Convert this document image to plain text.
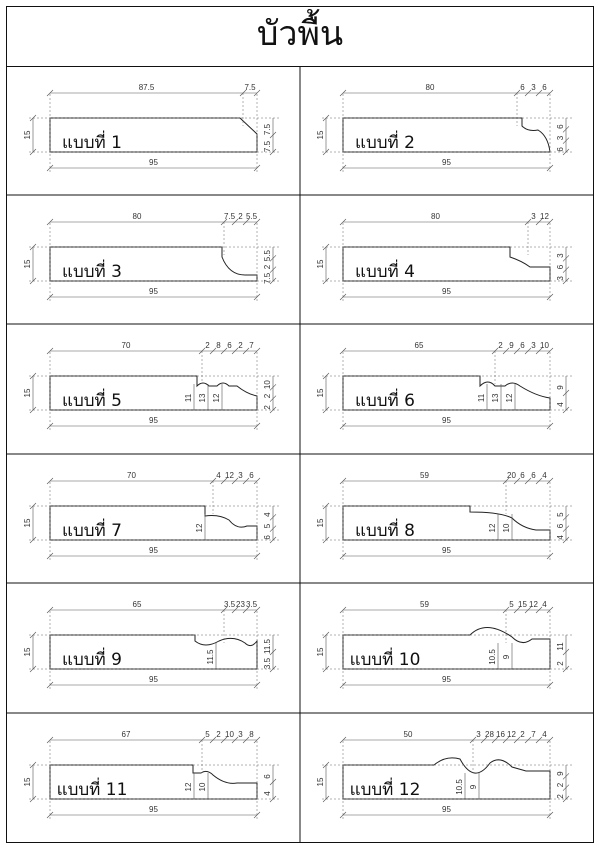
บัวพื้น
95
15
87.5	7.5
7.5
7.5
แบบที่ 1
95
15
80	6 3 6
6
3
6
แบบที่ 2
95
15
80	7.5 2 5.5
5.5
2
7.5
แบบที่ 3
95
15
80	3 12
3
6
3
แบบที่ 4
95
15
70	2 8 6 2 7
10
2
2
11 13 12
แบบที่ 5
95
15
65	2 9 6 3 10
9
4
11 13 12
แบบที่ 6
95
15
70	4 12 3 6
4
5
6
12
แบบที่ 7
95
15
59	20 6 6 4
5
6
4
12 10
แบบที่ 8
95
15
65	3.5 23 3.5
11.5
3.5
11.5
แบบที่ 9
95
15
59	5 15 12 4
11
2
10.5 9
แบบที่ 10
95
15
67	5 2 10 3 8
6
4
12 10
แบบที่ 11
95
15
50	3 28 16 12 2 7 4
9
2
2
10.5 9
แบบที่ 12
